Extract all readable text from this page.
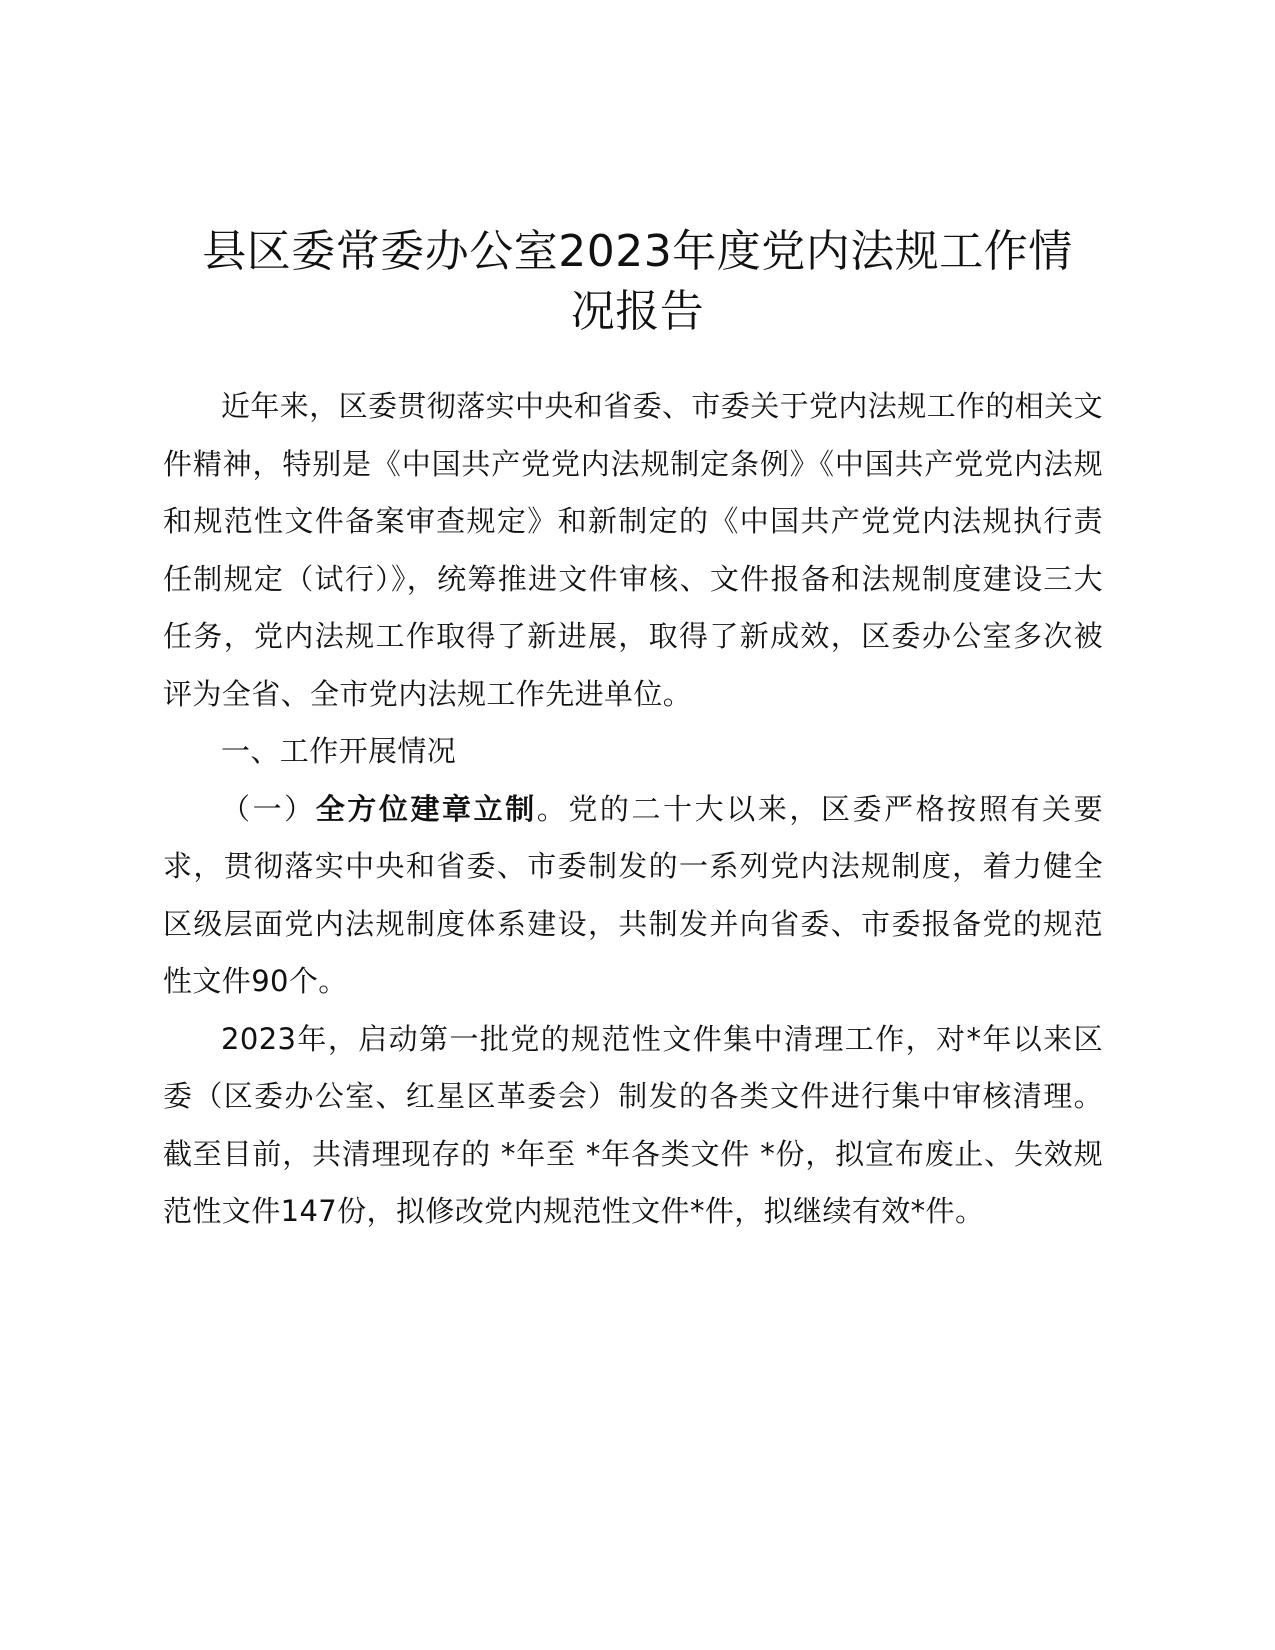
县区委常委办公室2023年度党内法规工作情
况报告

近年来，区委贯彻落实中央和省委、市委关于党内法规工作的相关文件精神，特别是《中国共产党党内法规制定条例》《中国共产党党内法规和规范性文件备案审查规定》和新制定的《中国共产党党内法规执行责任制规定（试行）》，统筹推进文件审核、文件报备和法规制度建设三大任务，党内法规工作取得了新进展，取得了新成效，区委办公室多次被评为全省、全市党内法规工作先进单位。

一、工作开展情况

（一）全方位建章立制。党的二十大以来，区委严格按照有关要求，贯彻落实中央和省委、市委制发的一系列党内法规制度，着力健全区级层面党内法规制度体系建设，共制发并向省委、市委报备党的规范性文件90个。

2023年，启动第一批党的规范性文件集中清理工作，对*年以来区委（区委办公室、红星区革委会）制发的各类文件进行集中审核清理。截至目前，共清理现存的 *年至 *年各类文件 *份，拟宣布废止、失效规范性文件147份，拟修改党内规范性文件*件，拟继续有效*件。
